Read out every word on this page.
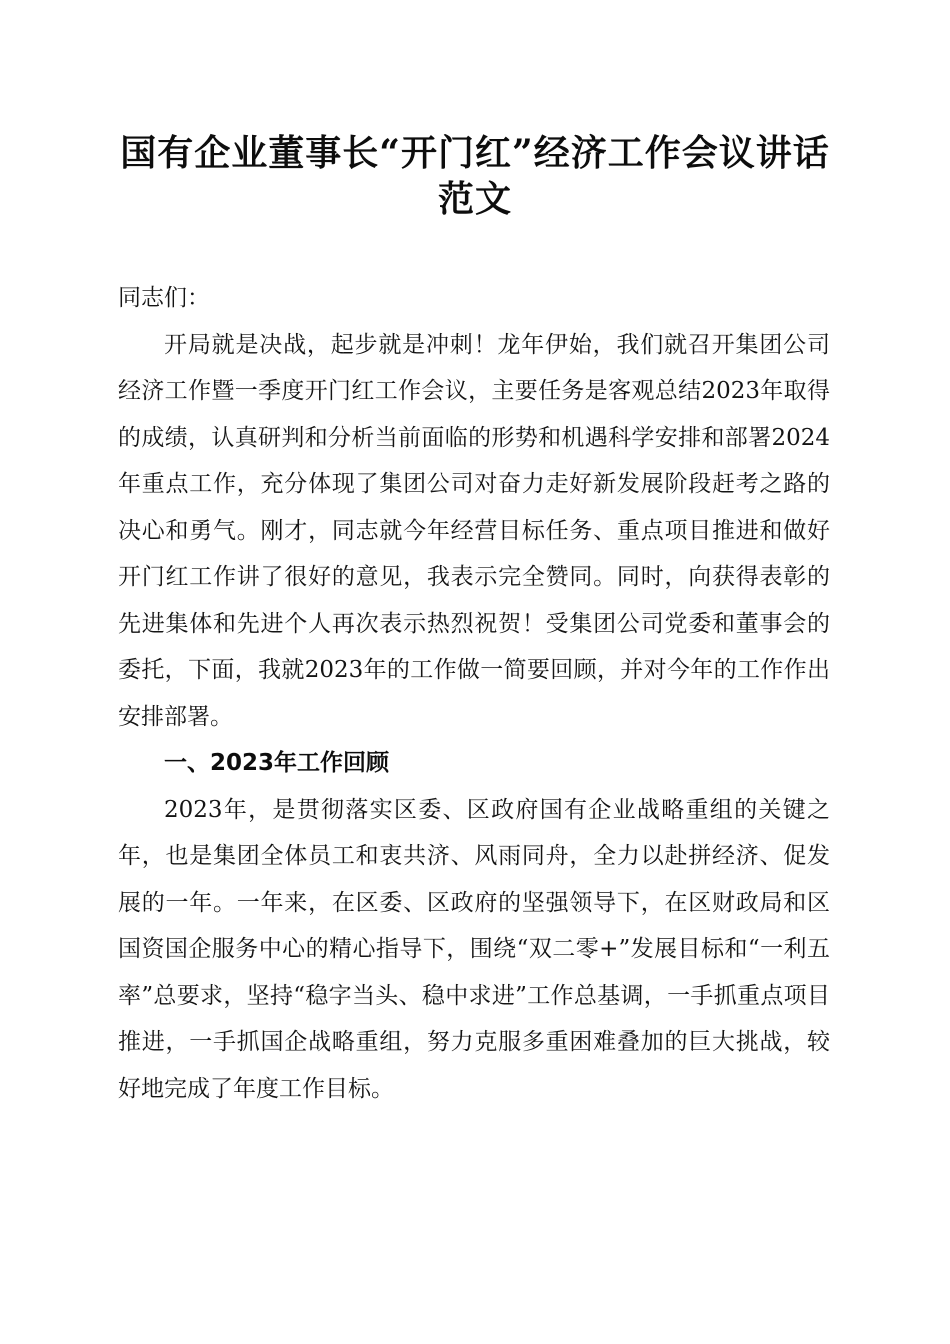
国有企业董事长“开门红”经济工作会议讲话
范文

同志们：

开局就是决战，起步就是冲刺！龙年伊始，我们就召开集团公司经济工作暨一季度开门红工作会议，主要任务是客观总结2023年取得的成绩，认真研判和分析当前面临的形势和机遇科学安排和部署2024年重点工作，充分体现了集团公司对奋力走好新发展阶段赶考之路的决心和勇气。刚才，同志就今年经营目标任务、重点项目推进和做好开门红工作讲了很好的意见，我表示完全赞同。同时，向获得表彰的先进集体和先进个人再次表示热烈祝贺！受集团公司党委和董事会的委托，下面，我就2023年的工作做一简要回顾，并对今年的工作作出安排部署。

一、2023年工作回顾

2023年，是贯彻落实区委、区政府国有企业战略重组的关键之年，也是集团全体员工和衷共济、风雨同舟，全力以赴拼经济、促发展的一年。一年来，在区委、区政府的坚强领导下，在区财政局和区国资国企服务中心的精心指导下，围绕“双二零+”发展目标和“一利五率”总要求，坚持“稳字当头、稳中求进”工作总基调，一手抓重点项目推进，一手抓国企战略重组，努力克服多重困难叠加的巨大挑战，较好地完成了年度工作目标。
